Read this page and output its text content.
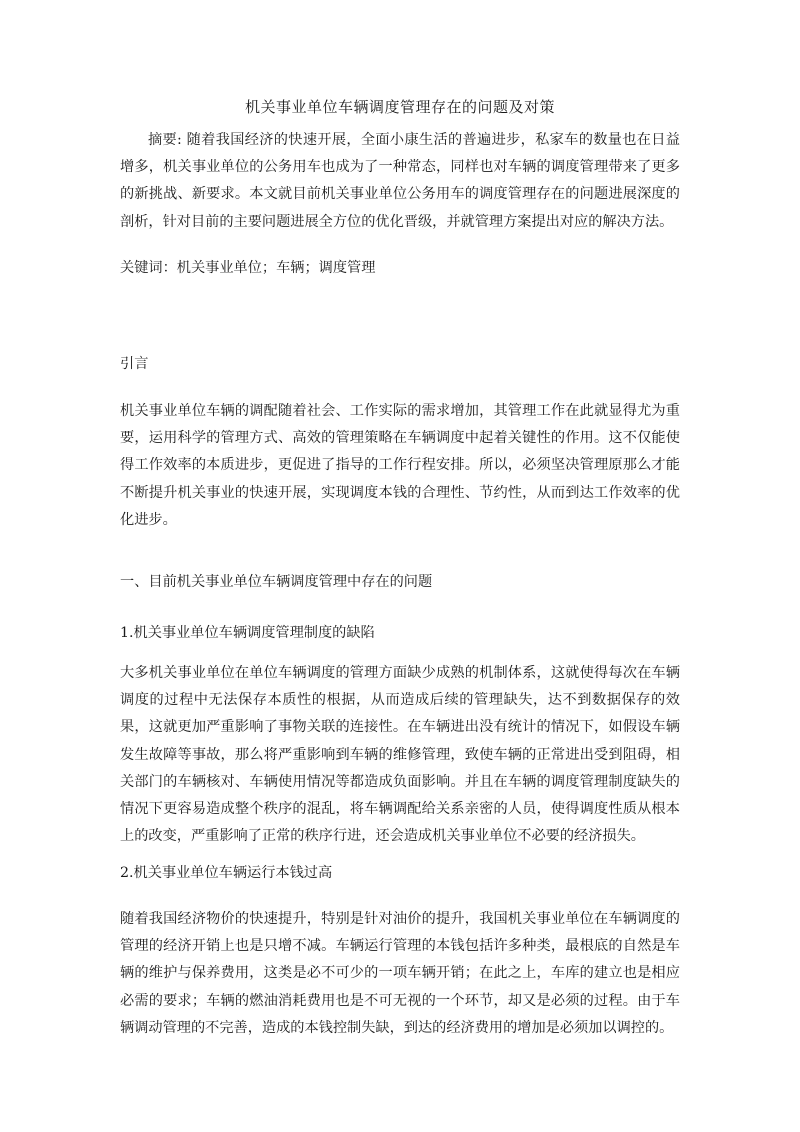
机关事业单位车辆调度管理存在的问题及对策

摘要: 随着我国经济的快速开展，全面小康生活的普遍进步，私家车的数量也在日益增多，机关事业单位的公务用车也成为了一种常态，同样也对车辆的调度管理带来了更多的新挑战、新要求。本文就目前机关事业单位公务用车的调度管理存在的问题进展深度的剖析，针对目前的主要问题进展全方位的优化晋级，并就管理方案提出对应的解决方法。

关键词：机关事业单位；车辆；调度管理

引言

机关事业单位车辆的调配随着社会、工作实际的需求增加，其管理工作在此就显得尤为重要，运用科学的管理方式、高效的管理策略在车辆调度中起着关键性的作用。这不仅能使得工作效率的本质进步，更促进了指导的工作行程安排。所以，必须坚决管理原那么才能不断提升机关事业的快速开展，实现调度本钱的合理性、节约性，从而到达工作效率的优化进步。

一、目前机关事业单位车辆调度管理中存在的问题

1.机关事业单位车辆调度管理制度的缺陷

大多机关事业单位在单位车辆调度的管理方面缺少成熟的机制体系，这就使得每次在车辆调度的过程中无法保存本质性的根据，从而造成后续的管理缺失，达不到数据保存的效果，这就更加严重影响了事物关联的连接性。在车辆进出没有统计的情况下，如假设车辆发生故障等事故，那么将严重影响到车辆的维修管理，致使车辆的正常进出受到阻碍，相关部门的车辆核对、车辆使用情况等都造成负面影响。并且在车辆的调度管理制度缺失的情况下更容易造成整个秩序的混乱，将车辆调配给关系亲密的人员，使得调度性质从根本上的改变，严重影响了正常的秩序行进，还会造成机关事业单位不必要的经济损失。

2.机关事业单位车辆运行本钱过高

随着我国经济物价的快速提升，特别是针对油价的提升，我国机关事业单位在车辆调度的管理的经济开销上也是只增不减。车辆运行管理的本钱包括许多种类，最根底的自然是车辆的维护与保养费用，这类是必不可少的一项车辆开销；在此之上，车库的建立也是相应必需的要求；车辆的燃油消耗费用也是不可无视的一个环节，却又是必须的过程。由于车辆调动管理的不完善，造成的本钱控制失缺，到达的经济费用的增加是必须加以调控的。
